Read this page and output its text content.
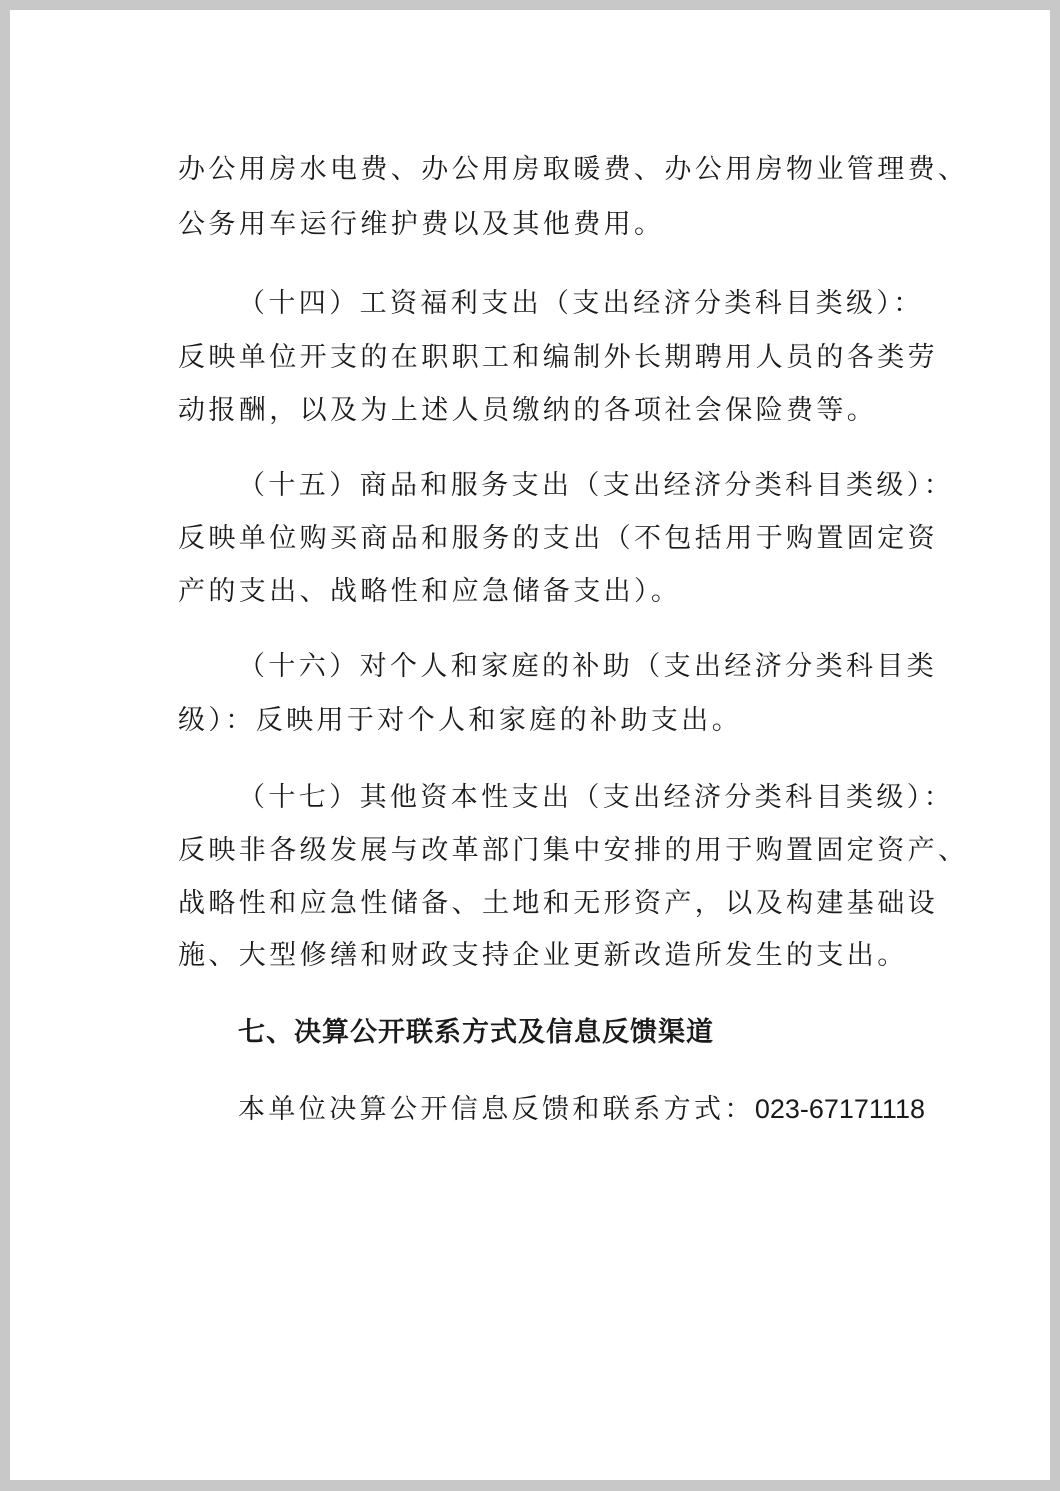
办公用房水电费、办公用房取暖费、办公用房物业管理费、
公务用车运行维护费以及其他费用。
（十四）工资福利支出（支出经济分类科目类级）：
反映单位开支的在职职工和编制外长期聘用人员的各类劳
动报酬，以及为上述人员缴纳的各项社会保险费等。
（十五）商品和服务支出（支出经济分类科目类级）：
反映单位购买商品和服务的支出（不包括用于购置固定资
产的支出、战略性和应急储备支出）。
（十六）对个人和家庭的补助（支出经济分类科目类
级）：反映用于对个人和家庭的补助支出。
（十七）其他资本性支出（支出经济分类科目类级）：
反映非各级发展与改革部门集中安排的用于购置固定资产、
战略性和应急性储备、土地和无形资产，以及构建基础设
施、大型修缮和财政支持企业更新改造所发生的支出。
七、决算公开联系方式及信息反馈渠道
本单位决算公开信息反馈和联系方式：023-67171118
